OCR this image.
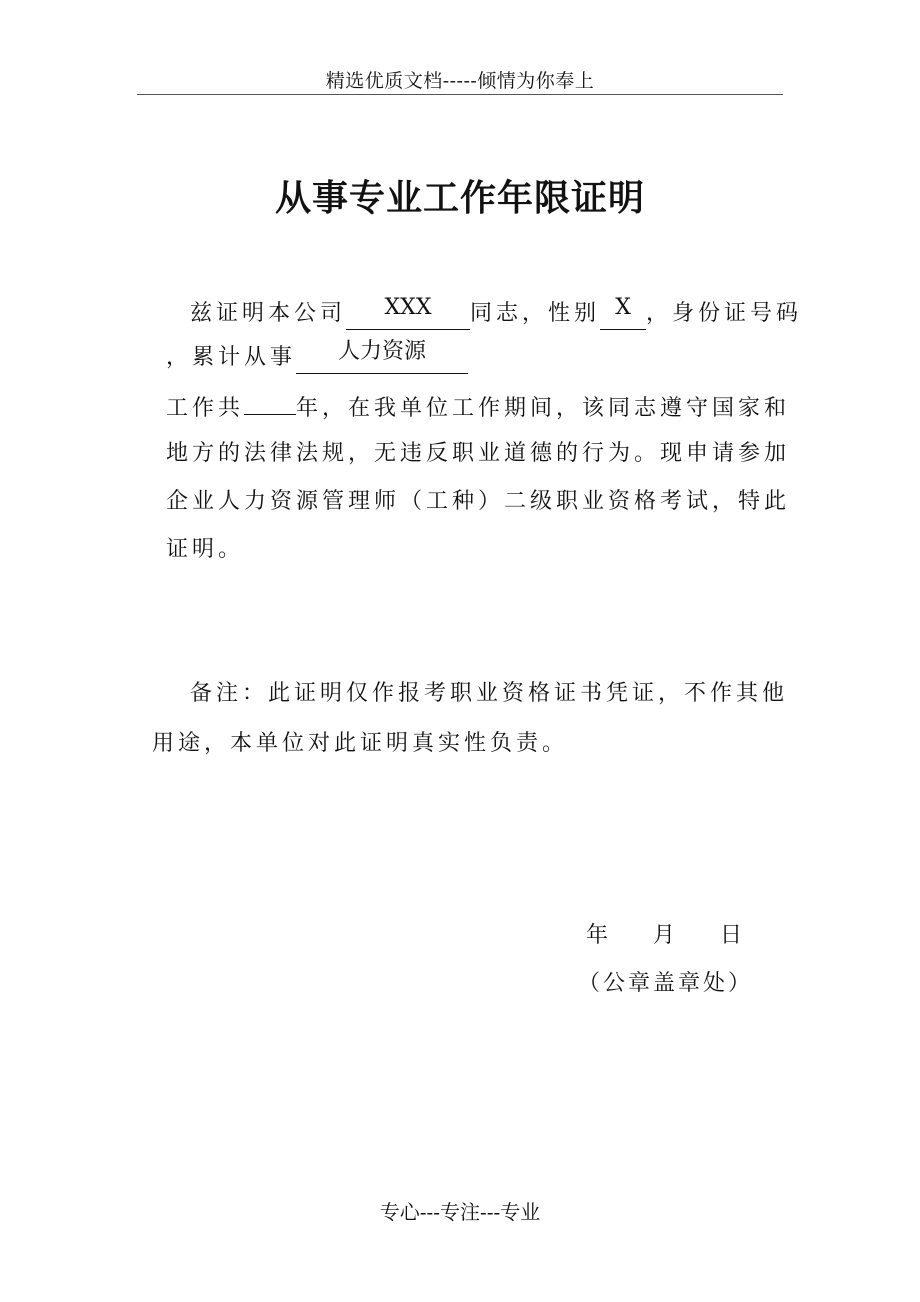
精选优质文档-----倾情为你奉上
从事专业工作年限证明
兹证明本公司 XXX 同志，性别 X ，身份证号码
，累计从事 人力资源
工作共 年，在我单位工作期间，该同志遵守国家和
地方的法律法规，无违反职业道德的行为。现申请参加
企业人力资源管理师（工种）二级职业资格考试，特此
证明。
备注：此证明仅作报考职业资格证书凭证，不作其他
用途，本单位对此证明真实性负责。
年 月 日
（公章盖章处）
专心---专注---专业
